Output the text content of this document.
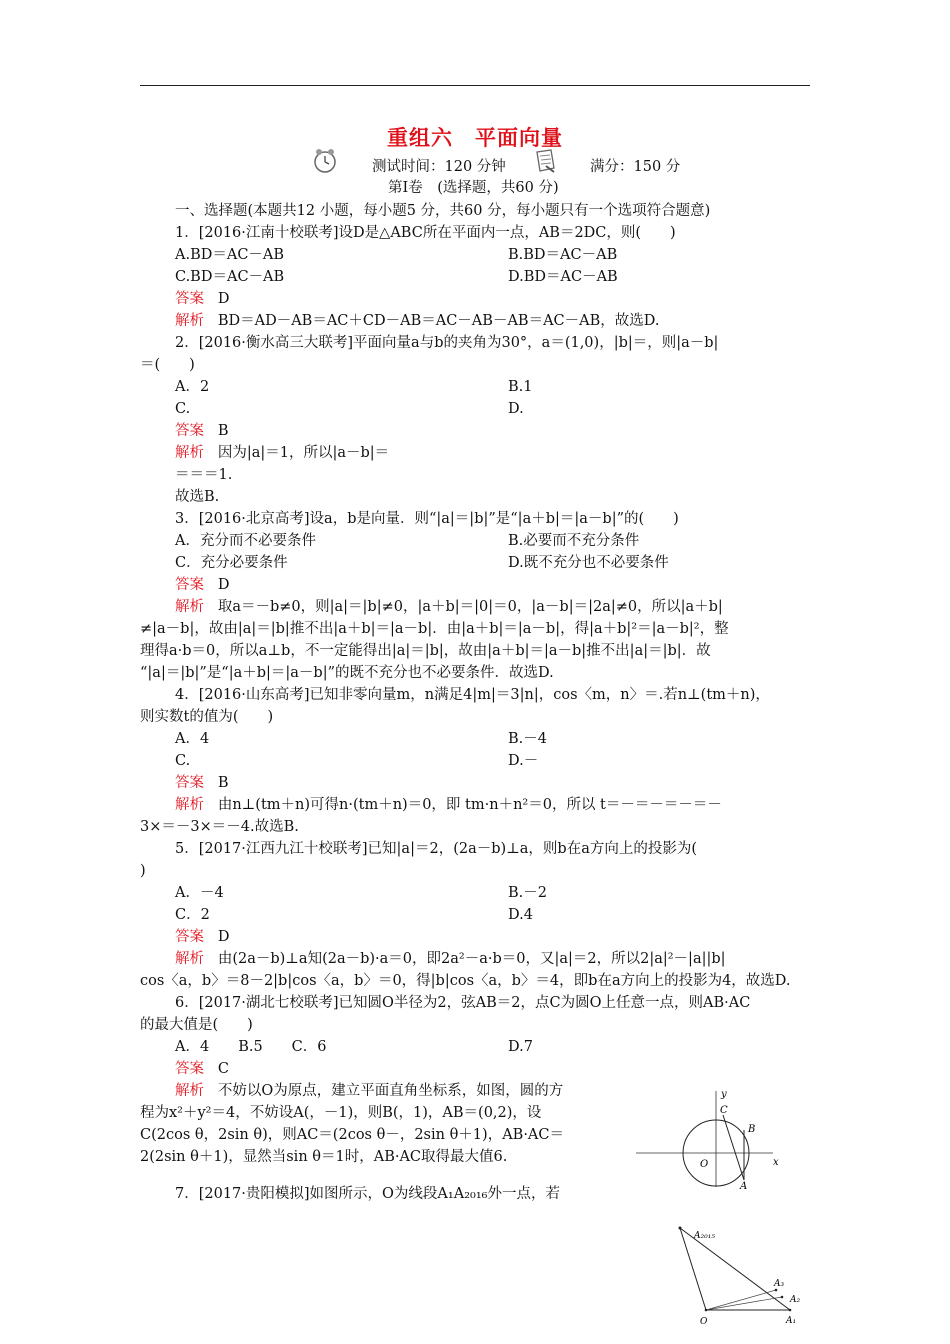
重组六　平面向量
测试时间：120 分钟	满分：150 分
第Ⅰ卷　(选择题，共60 分)
一、选择题(本题共12 小题，每小题5 分，共60 分，每小题只有一个选项符合题意)
1．[2016·江南十校联考]设D是△ABC所在平面内一点，AB＝2DC，则(　　)
A.BD＝AC－AB	B.BD＝AC－AB
C.BD＝AC－AB	D.BD＝AC－AB
答案 D
解析 BD＝AD－AB＝AC＋CD－AB＝AC－AB－AB＝AC－AB，故选D.
2．[2016·衡水高三大联考]平面向量a与b的夹角为30°，a＝(1,0)，|b|＝，则|a－b|
＝(　　)
A．2	B.1
C.	D.
答案 B
解析 因为|a|＝1，所以|a－b|＝
＝＝＝1.
故选B.
3．[2016·北京高考]设a，b是向量．则“|a|＝|b|”是“|a＋b|＝|a－b|”的(　　)
A．充分而不必要条件	B.必要而不充分条件
C．充分必要条件	D.既不充分也不必要条件
答案 D
解析 取a＝－b≠0，则|a|＝|b|≠0，|a＋b|＝|0|＝0，|a－b|＝|2a|≠0，所以|a＋b|
≠|a－b|，故由|a|＝|b|推不出|a＋b|＝|a－b|．由|a＋b|＝|a－b|，得|a＋b|²＝|a－b|²，整
理得a·b＝0，所以a⊥b，不一定能得出|a|＝|b|，故由|a＋b|＝|a－b|推不出|a|＝|b|．故
“|a|＝|b|”是“|a＋b|＝|a－b|”的既不充分也不必要条件．故选D.
4．[2016·山东高考]已知非零向量m，n满足4|m|＝3|n|，cos〈m，n〉＝.若n⊥(tm＋n)，
则实数t的值为(　　)
A．4	B.－4
C.	D.－
答案 B
解析 由n⊥(tm＋n)可得n·(tm＋n)＝0，即 tm·n＋n²＝0，所以 t＝－＝－＝－＝－
3×＝－3×＝－4.故选B.
5．[2017·江西九江十校联考]已知|a|＝2，(2a－b)⊥a，则b在a方向上的投影为(
)
A．－4	B.－2
C．2	D.4
答案 D
解析 由(2a－b)⊥a知(2a－b)·a＝0，即2a²－a·b＝0，又|a|＝2，所以2|a|²－|a||b|
cos〈a，b〉＝8－2|b|cos〈a，b〉＝0，得|b|cos〈a，b〉＝4，即b在a方向上的投影为4，故选D.
6．[2017·湖北七校联考]已知圆O半径为2，弦AB＝2，点C为圆O上任意一点，则AB·AC
的最大值是(　　)
A．4　　B.5　　C．6	D.7
答案 C
解析 不妨以O为原点，建立平面直角坐标系，如图，圆的方
程为x²＋y²＝4，不妨设A(，－1)，则B(，1)，AB＝(0,2)，设
C(2cos θ，2sin θ)，则AC＝(2cos θ－，2sin θ＋1)，AB·AC＝
2(2sin θ＋1)，显然当sin θ＝1时，AB·AC取得最大值6.
7．[2017·贵阳模拟]如图所示，O为线段A₁A₂₀₁₆外一点，若
y
x
O
A
B
C
A₂₀₁₅
A₃
A₂
A₁
O
